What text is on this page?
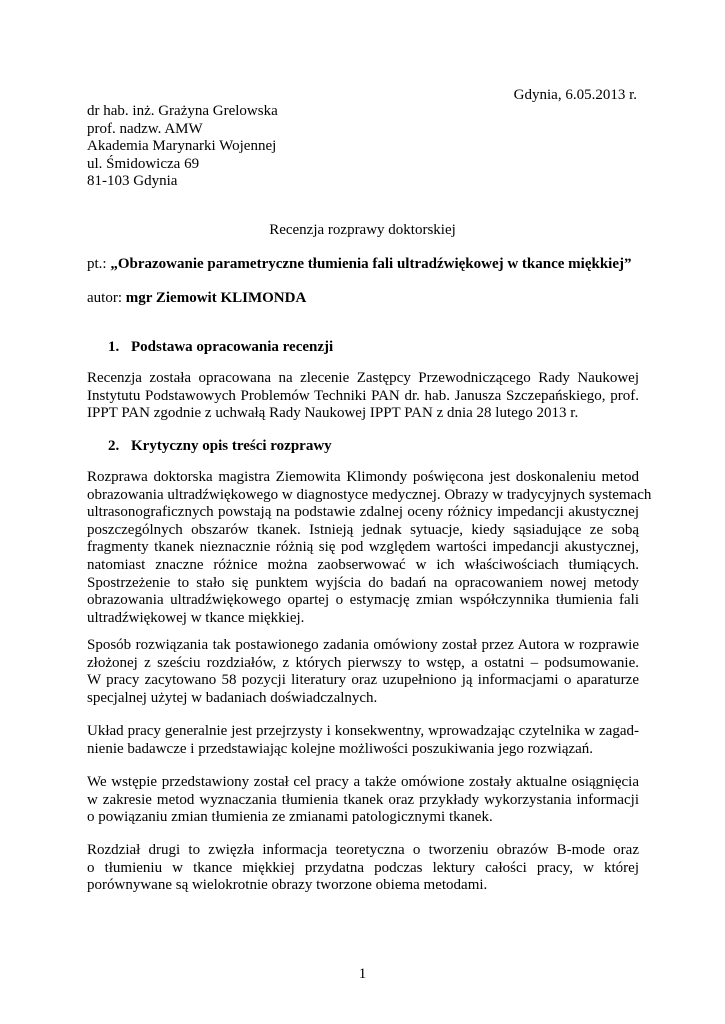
Gdynia, 6.05.2013 r.
dr hab. inż. Grażyna Grelowska
prof. nadzw. AMW
Akademia Marynarki Wojennej
ul. Śmidowicza 69
81-103 Gdynia
Recenzja rozprawy doktorskiej
pt.: „Obrazowanie parametryczne tłumienia fali ultradźwiękowej w tkance miękkiej”
autor: mgr Ziemowit KLIMONDA
1. Podstawa opracowania recenzji
Recenzja została opracowana na zlecenie Zastępcy Przewodniczącego Rady Naukowej
Instytutu Podstawowych Problemów Techniki PAN dr. hab. Janusza Szczepańskiego, prof.
IPPT PAN zgodnie z uchwałą Rady Naukowej IPPT PAN z dnia 28 lutego 2013 r.
2. Krytyczny opis treści rozprawy
Rozprawa doktorska magistra Ziemowita Klimondy poświęcona jest doskonaleniu metod
obrazowania ultradźwiękowego w diagnostyce medycznej. Obrazy w tradycyjnych systemach
ultrasonograficznych powstają na podstawie zdalnej oceny różnicy impedancji akustycznej
poszczególnych obszarów tkanek. Istnieją jednak sytuacje, kiedy sąsiadujące ze sobą
fragmenty tkanek nieznacznie różnią się pod względem wartości impedancji akustycznej,
natomiast znaczne różnice można zaobserwować w ich właściwościach tłumiących.
Spostrzeżenie to stało się punktem wyjścia do badań na opracowaniem nowej metody
obrazowania ultradźwiękowego opartej o estymację zmian współczynnika tłumienia fali
ultradźwiękowej w tkance miękkiej.
Sposób rozwiązania tak postawionego zadania omówiony został przez Autora w rozprawie
złożonej z sześciu rozdziałów, z których pierwszy to wstęp, a ostatni – podsumowanie.
W pracy zacytowano 58 pozycji literatury oraz uzupełniono ją informacjami o aparaturze
specjalnej użytej w badaniach doświadczalnych.
Układ pracy generalnie jest przejrzysty i konsekwentny, wprowadzając czytelnika w zagad-
nienie badawcze i przedstawiając kolejne możliwości poszukiwania jego rozwiązań.
We wstępie przedstawiony został cel pracy a także omówione zostały aktualne osiągnięcia
w zakresie metod wyznaczania tłumienia tkanek oraz przykłady wykorzystania informacji
o powiązaniu zmian tłumienia ze zmianami patologicznymi tkanek.
Rozdział drugi to zwięzła informacja teoretyczna o tworzeniu obrazów B-mode oraz
o tłumieniu w tkance miękkiej przydatna podczas lektury całości pracy, w której
porównywane są wielokrotnie obrazy tworzone obiema metodami.
1
